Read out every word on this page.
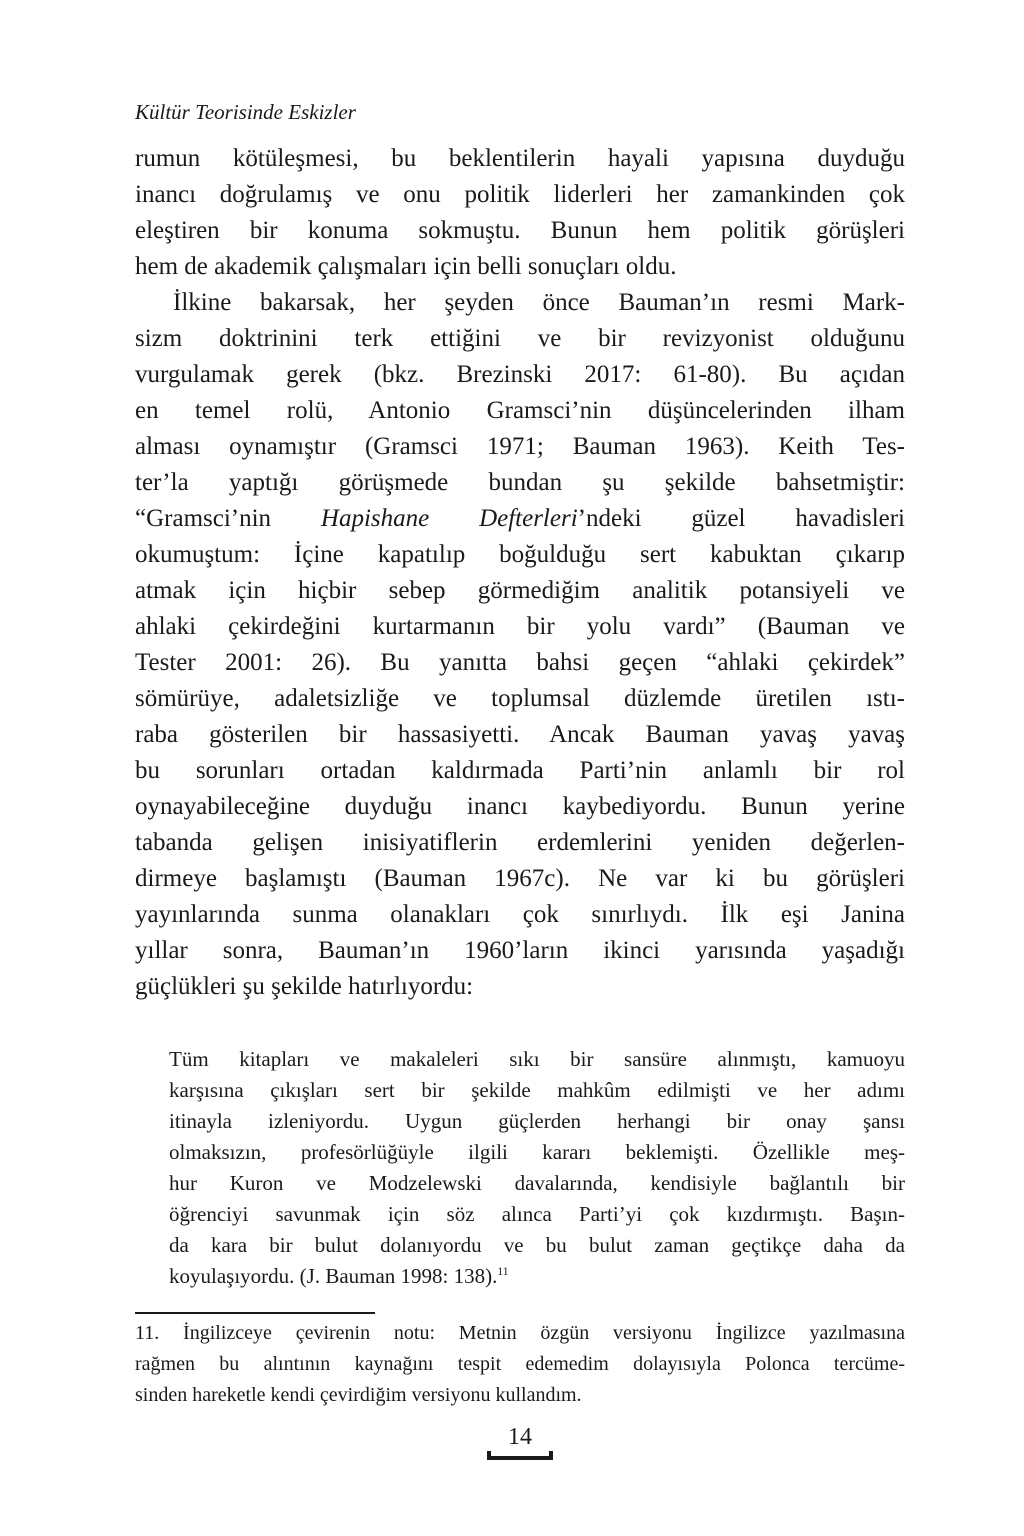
Kültür Teorisinde Eskizler
rumun kötüleşmesi, bu beklentilerin hayali yapısına duyduğu
inancı doğrulamış ve onu politik liderleri her zamankinden çok
eleştiren bir konuma sokmuştu. Bunun hem politik görüşleri
hem de akademik çalışmaları için belli sonuçları oldu.
İlkine bakarsak, her şeyden önce Bauman’ın resmi Mark-
sizm doktrinini terk ettiğini ve bir revizyonist olduğunu
vurgulamak gerek (bkz. Brezinski 2017: 61-80). Bu açıdan
en temel rolü, Antonio Gramsci’nin düşüncelerinden ilham
alması oynamıştır (Gramsci 1971; Bauman 1963). Keith Tes-
ter’la yaptığı görüşmede bundan şu şekilde bahsetmiştir:
“Gramsci’nin Hapishane Defterleri’ndeki güzel havadisleri
okumuştum: İçine kapatılıp boğulduğu sert kabuktan çıkarıp
atmak için hiçbir sebep görmediğim analitik potansiyeli ve
ahlaki çekirdeğini kurtarmanın bir yolu vardı” (Bauman ve
Tester 2001: 26). Bu yanıtta bahsi geçen “ahlaki çekirdek”
sömürüye, adaletsizliğe ve toplumsal düzlemde üretilen ıstı-
raba gösterilen bir hassasiyetti. Ancak Bauman yavaş yavaş
bu sorunları ortadan kaldırmada Parti’nin anlamlı bir rol
oynayabileceğine duyduğu inancı kaybediyordu. Bunun yerine
tabanda gelişen inisiyatiflerin erdemlerini yeniden değerlen-
dirmeye başlamıştı (Bauman 1967c). Ne var ki bu görüşleri
yayınlarında sunma olanakları çok sınırlıydı. İlk eşi Janina
yıllar sonra, Bauman’ın 1960’ların ikinci yarısında yaşadığı
güçlükleri şu şekilde hatırlıyordu:
Tüm kitapları ve makaleleri sıkı bir sansüre alınmıştı, kamuoyu
karşısına çıkışları sert bir şekilde mahkûm edilmişti ve her adımı
itinayla izleniyordu. Uygun güçlerden herhangi bir onay şansı
olmaksızın, profesörlüğüyle ilgili kararı beklemişti. Özellikle meş-
hur Kuron ve Modzelewski davalarında, kendisiyle bağlantılı bir
öğrenciyi savunmak için söz alınca Parti’yi çok kızdırmıştı. Başın-
da kara bir bulut dolanıyordu ve bu bulut zaman geçtikçe daha da
koyulaşıyordu. (J. Bauman 1998: 138).$^{11}$
11. İngilizceye çevirenin notu: Metnin özgün versiyonu İngilizce yazılmasına
rağmen bu alıntının kaynağını tespit edemedim dolayısıyla Polonca tercüme-
sinden hareketle kendi çevirdiğim versiyonu kullandım.
14
